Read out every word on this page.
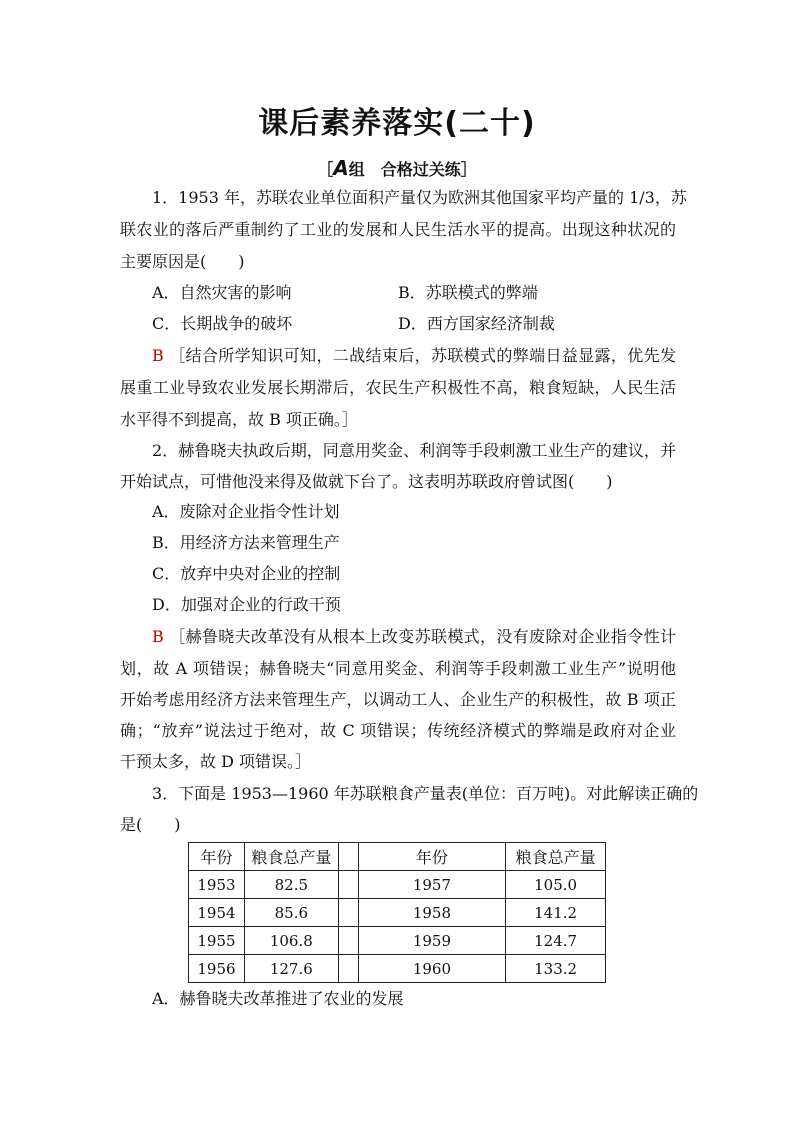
课后素养落实(二十)
［A组　合格过关练］
1．1953 年，苏联农业单位面积产量仅为欧洲其他国家平均产量的 1/3，苏
联农业的落后严重制约了工业的发展和人民生活水平的提高。出现这种状况的
主要原因是(　　)
A．自然灾害的影响	B．苏联模式的弊端
C．长期战争的破坏	D．西方国家经济制裁
B ［结合所学知识可知，二战结束后，苏联模式的弊端日益显露，优先发
展重工业导致农业发展长期滞后，农民生产积极性不高，粮食短缺，人民生活
水平得不到提高，故 B 项正确。］
2．赫鲁晓夫执政后期，同意用奖金、利润等手段刺激工业生产的建议，并
开始试点，可惜他没来得及做就下台了。这表明苏联政府曾试图(　　)
A．废除对企业指令性计划
B．用经济方法来管理生产
C．放弃中央对企业的控制
D．加强对企业的行政干预
B ［赫鲁晓夫改革没有从根本上改变苏联模式，没有废除对企业指令性计
划，故 A 项错误；赫鲁晓夫“同意用奖金、利润等手段刺激工业生产”说明他
开始考虑用经济方法来管理生产，以调动工人、企业生产的积极性，故 B 项正
确；“放弃”说法过于绝对，故 C 项错误；传统经济模式的弊端是政府对企业
干预太多，故 D 项错误。］
3．下面是 1953—1960 年苏联粮食产量表(单位：百万吨)。对此解读正确的
是(　　)
年份	粮食总产量		年份	粮食总产量
1953	82.5		1957	105.0
1954	85.6		1958	141.2
1955	106.8		1959	124.7
1956	127.6		1960	133.2
A．赫鲁晓夫改革推进了农业的发展
